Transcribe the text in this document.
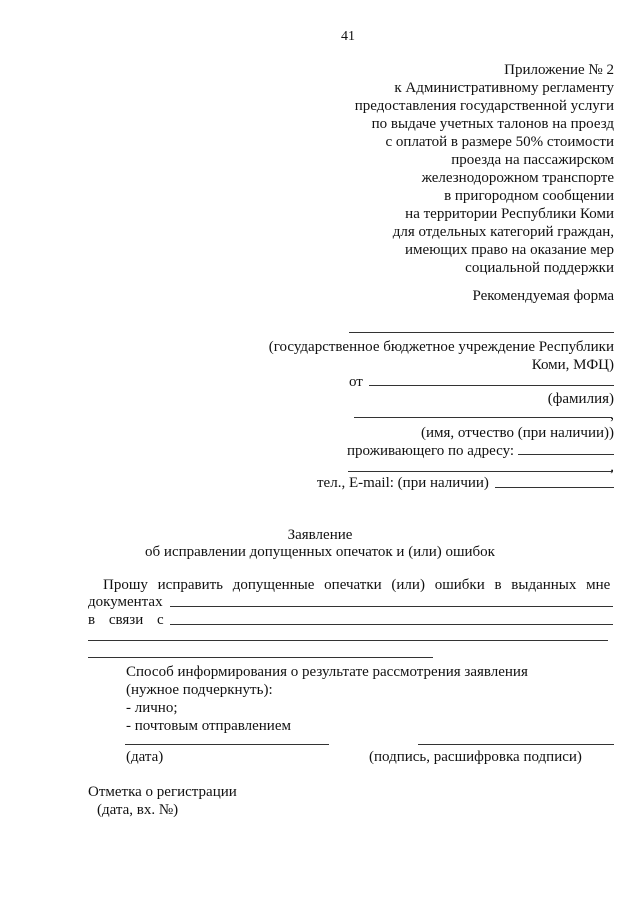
41
Приложение № 2
к Административному регламенту
предоставления государственной услуги
по выдаче учетных талонов на проезд
с оплатой в размере 50% стоимости
проезда на пассажирском
железнодорожном транспорте
в пригородном сообщении
на территории Республики Коми
для отдельных категорий граждан,
имеющих право на оказание мер
социальной поддержки
Рекомендуемая форма
(государственное бюджетное учреждение Республики
Коми, МФЦ)
от
(фамилия)
,
(имя, отчество (при наличии))
проживающего по адресу:
,
тел., E-mail: (при наличии)
Заявление
об исправлении допущенных опечаток и (или) ошибок
Прошу исправить допущенные опечатки (или) ошибки в выданных мне
документах
в связи с
Способ информирования о результате рассмотрения заявления
(нужное подчеркнуть):
- лично;
- почтовым отправлением
(дата)	(подпись, расшифровка подписи)
Отметка о регистрации
(дата, вх. №)
